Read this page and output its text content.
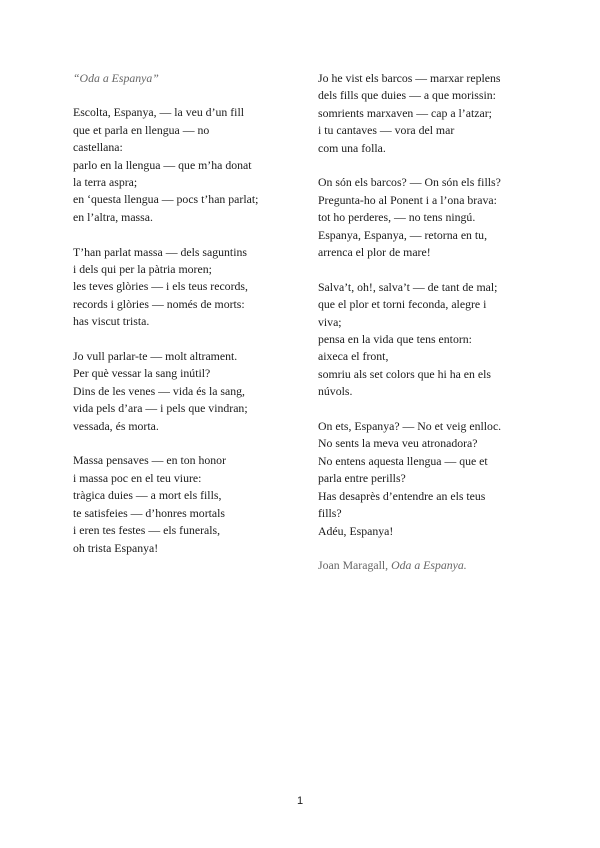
“Oda a Espanya”
Escolta, Espanya, — la veu d’un fill
que et parla en llengua — no
castellana:
parlo en la llengua — que m’ha donat
la terra aspra;
en ‘questa llengua — pocs t’han parlat;
en l’altra, massa.
T’han parlat massa — dels saguntins
i dels qui per la pàtria moren;
les teves glòries — i els teus records,
records i glòries — només de morts:
has viscut trista.
Jo vull parlar-te — molt altrament.
Per què vessar la sang inútil?
Dins de les venes — vida és la sang,
vida pels d’ara — i pels que vindran;
vessada, és morta.
Massa pensaves — en ton honor
i massa poc en el teu viure:
tràgica duies — a mort els fills,
te satisfeies — d’honres mortals
i eren tes festes — els funerals,
oh trista Espanya!
Jo he vist els barcos — marxar replens
dels fills que duies — a que morissin:
somrients marxaven — cap a l’atzar;
i tu cantaves — vora del mar
com una folla.
On són els barcos? — On són els fills?
Pregunta-ho al Ponent i a l’ona brava:
tot ho perderes, — no tens ningú.
Espanya, Espanya, — retorna en tu,
arrenca el plor de mare!
Salva’t, oh!, salva’t — de tant de mal;
que el plor et torni feconda, alegre i
viva;
pensa en la vida que tens entorn:
aixeca el front,
somriu als set colors que hi ha en els
núvols.
On ets, Espanya? — No et veig enlloc.
No sents la meva veu atronadora?
No entens aquesta llengua — que et
parla entre perills?
Has desaprès d’entendre an els teus
fills?
Adéu, Espanya!
Joan Maragall, Oda a Espanya.
1
